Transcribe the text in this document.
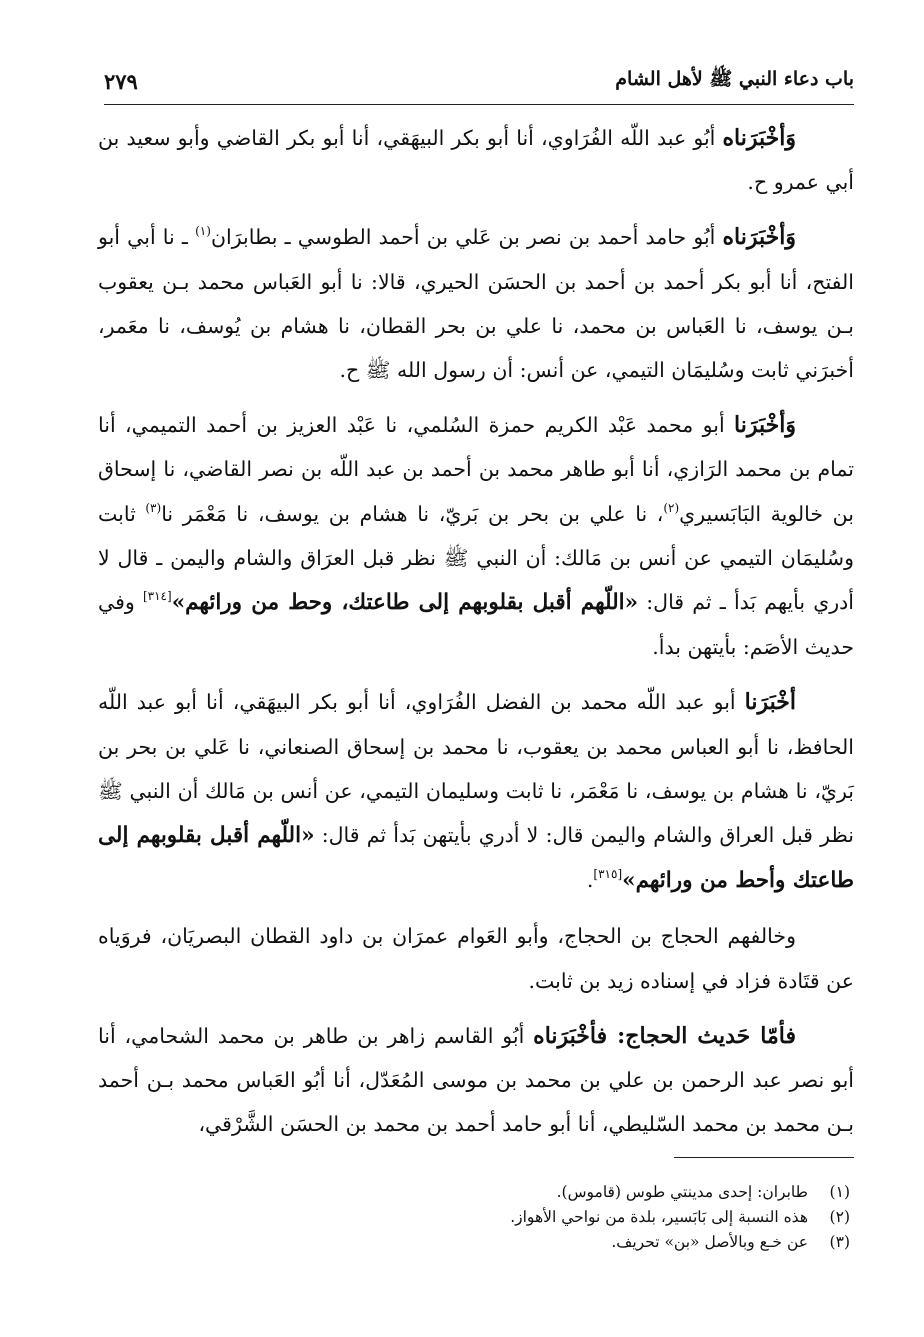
باب دعاء النبي ﷺ لأهل الشام
٢٧٩

وَأخْبَرَناه أبُو عبد اللّه الفُرَاوي، أنا أبو بكر البيهَقي، أنا أبو بكر القاضي وأبو سعيد بن أبي عمرو ح.

وَأخْبَرَناه أبُو حامد أحمد بن نصر بن عَلي بن أحمد الطوسي ـ بطابرَان$^{(١)}$ ـ نا أبي أبو الفتح، أنا أبو بكر أحمد بن أحمد بن الحسَن الحيري، قالا: نا أبو العَباس محمد بـن يعقوب بـن يوسف، نا العَباس بن محمد، نا علي بن بحر القطان، نا هشام بن يُوسف، نا معَمر، أخبرَني ثابت وسُليمَان التيمي، عن أنس: أن رسول الله ﷺ ح.

وَأخْبَرَنا أبو محمد عَبْد الكريم حمزة السُلمي، نا عَبْد العزيز بن أحمد التميمي، أنا تمام بن محمد الرَازي، أنا أبو طاهر محمد بن أحمد بن عبد اللّه بن نصر القاضي، نا إسحاق بن خالوية البَابَسيري$^{(٢)}$، نا علي بن بحر بن بَريّ، نا هشام بن يوسف، نا مَعْمَر نا$^{(٣)}$ ثابت وسُليمَان التيمي عن أنس بن مَالك: أن النبي ﷺ نظر قبل العرَاق والشام واليمن ـ قال لا أدري بأيهم بَدأ ـ ثم قال: «اللّهم أقبل بقلوبهم إلى طاعتك، وحط من ورائهم»[٣١٤] وفي حديث الأصَم: بأيتهن بدأ.

أخْبَرَنا أبو عبد اللّه محمد بن الفضل الفُرَاوي، أنا أبو بكر البيهَقي، أنا أبو عبد اللّه الحافظ، نا أبو العباس محمد بن يعقوب، نا محمد بن إسحاق الصنعاني، نا عَلي بن بحر بن بَريّ، نا هشام بن يوسف، نا مَعْمَر، نا ثابت وسليمان التيمي، عن أنس بن مَالك أن النبي ﷺ نظر قبل العراق والشام واليمن قال: لا أدري بأيتهن بَدأ ثم قال: «اللّهم أقبل بقلوبهم إلى طاعتك وأحط من ورائهم»[٣١٥].

وخالفهم الحجاج بن الحجاج، وأبو العَوام عمرَان بن داود القطان البصريَان، فروَياه عن قتَادة فزاد في إسناده زيد بن ثابت.

فأمّا حَديث الحجاج: فأخْبَرَناه أبُو القاسم زاهر بن طاهر بن محمد الشحامي، أنا أبو نصر عبد الرحمن بن علي بن محمد بن موسى المُعَدّل، أنا أبُو العَباس محمد بـن أحمد بـن محمد بن محمد السّليطي، أنا أبو حامد أحمد بن محمد بن الحسَن الشَّرْقي،

(١)
طابران: إحدى مدينتي طوس (قاموس).
(٢)
هذه النسبة إلى بَابَسير، بلدة من نواحي الأهواز.
(٣)
عن خـع وبالأصل «بن» تحريف.
